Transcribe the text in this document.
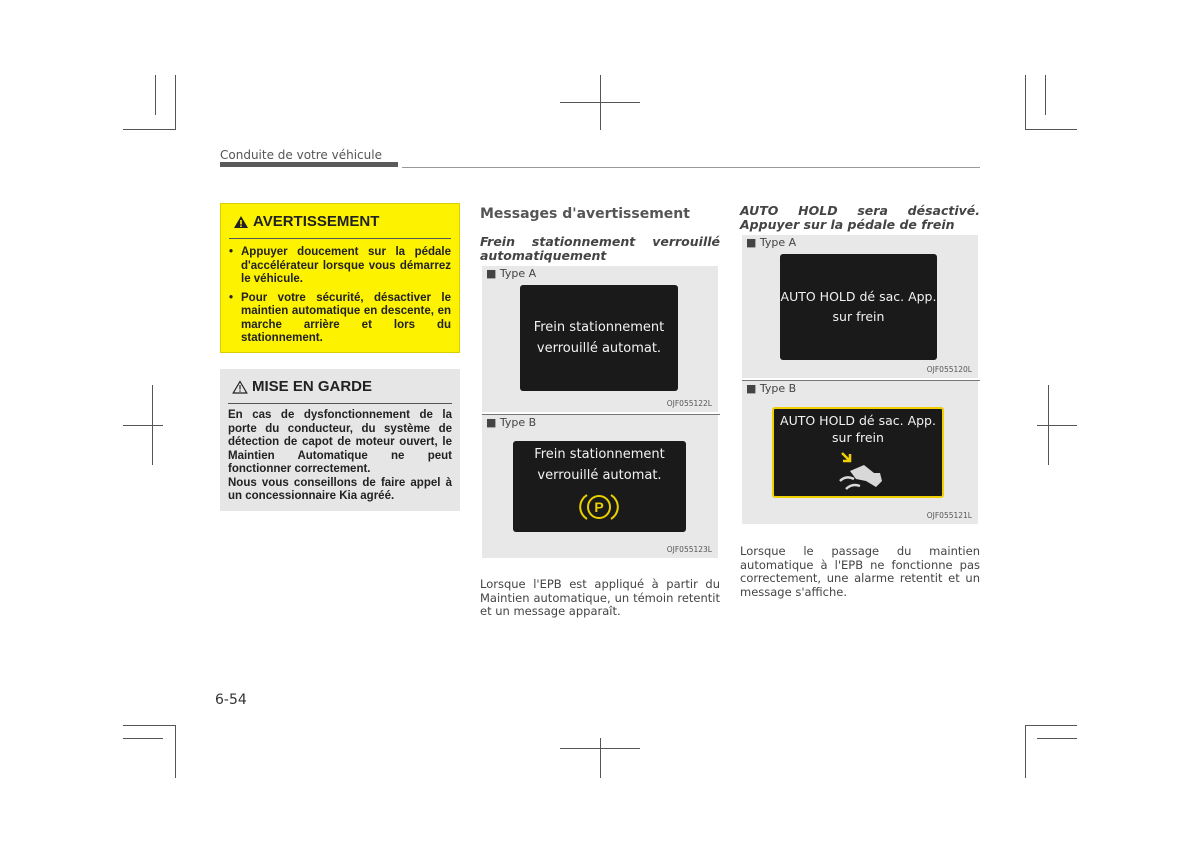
Conduite de votre véhicule
AVERTISSEMENT
• Appuyer doucement sur la pédale d'accélérateur lorsque vous démarrez le véhicule.
• Pour votre sécurité, désactiver le maintien automatique en descente, en marche arrière et lors du stationnement.
MISE EN GARDE

En cas de dysfonctionnement de la porte du conducteur, du système de détection de capot de moteur ouvert, le Maintien Automatique ne peut fonctionner correctement.
Nous vous conseillons de faire appel à un concessionnaire Kia agréé.

Messages d'avertissement
Frein stationnement verrouillé
automatiquement
■ Type A
Frein stationnement
verrouillé automat.
OJF055122L
■ Type B
Frein stationnement
verrouillé automat.
P
OJF055123L

Lorsque l'EPB est appliqué à partir du Maintien automatique, un témoin retentit et un message apparaît.

AUTO HOLD sera désactivé.
Appuyer sur la pédale de frein
■ Type A
AUTO HOLD dé sac. App.
sur frein
OJF055120L
■ Type B
AUTO HOLD dé sac. App.
sur frein
OJF055121L

Lorsque le passage du maintien automatique à l'EPB ne fonctionne pas correctement, une alarme retentit et un message s'affiche.

6-54
